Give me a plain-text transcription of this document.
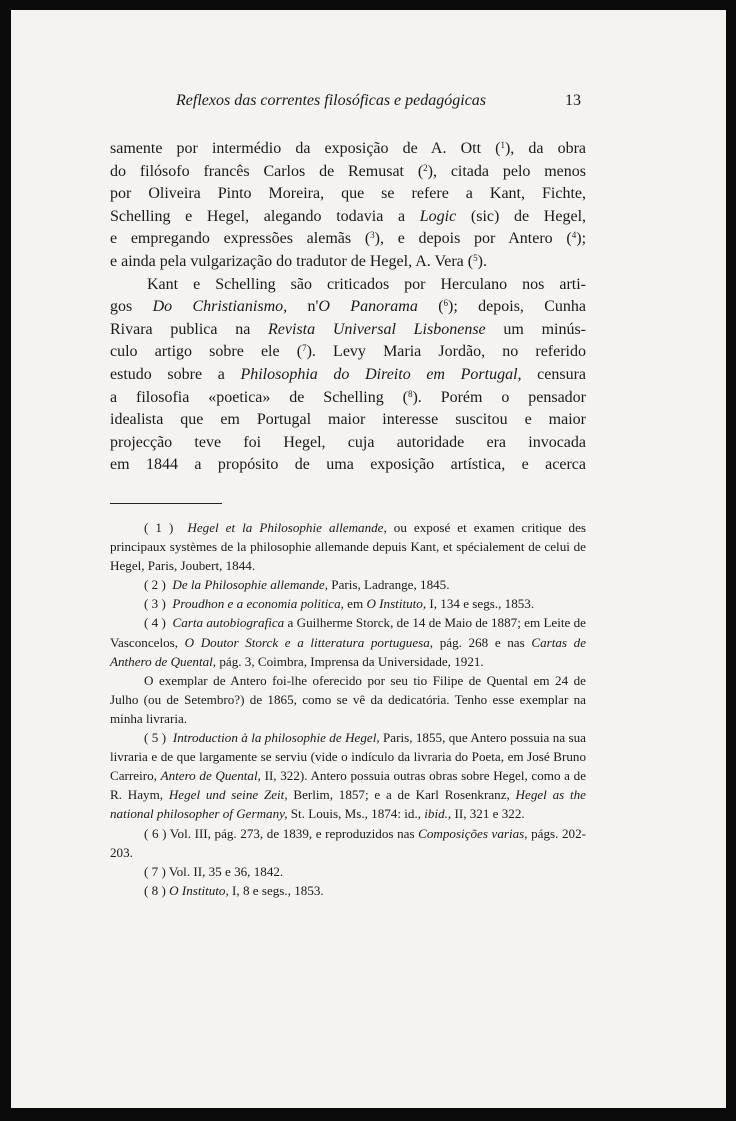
Reflexos das correntes filosóficas e pedagógicas	13

samente por intermédio da exposição de A. Ott ($^1$), da obra

do filósofo francês Carlos de Remusat ($^2$), citada pelo menos

por Oliveira Pinto Moreira, que se refere a Kant, Fichte,

Schelling e Hegel, alegando todavia a Logic (sic) de Hegel,

e empregando expressões alemãs ($^3$), e depois por Antero ($^4$);

e ainda pela vulgarização do tradutor de Hegel, A. Vera ($^5$).

Kant e Schelling são criticados por Herculano nos arti-

gos Do Christianismo, n'O Panorama ($^6$); depois, Cunha

Rivara publica na Revista Universal Lisbonense um minús-

culo artigo sobre ele ($^7$). Levy Maria Jordão, no referido

estudo sobre a Philosophia do Direito em Portugal, censura

a filosofia «poetica» de Schelling ($^8$). Porém o pensador

idealista que em Portugal maior interesse suscitou e maior

projecção teve foi Hegel, cuja autoridade era invocada

em 1844 a propósito de uma exposição artística, e acerca

( 1 ) Hegel et la Philosophie allemande, ou exposé et examen critique des principaux systèmes de la philosophie allemande depuis Kant, et spécialement de celui de Hegel, Paris, Joubert, 1844.

( 2 ) De la Philosophie allemande, Paris, Ladrange, 1845.

( 3 ) Proudhon e a economia politica, em O Instituto, I, 134 e segs., 1853.

( 4 ) Carta autobiografica a Guilherme Storck, de 14 de Maio de 1887; em Leite de Vasconcelos, O Doutor Storck e a litteratura portuguesa, pág. 268 e nas Cartas de Anthero de Quental, pág. 3, Coimbra, Imprensa da Universidade, 1921.

O exemplar de Antero foi-lhe oferecido por seu tio Filipe de Quental em 24 de Julho (ou de Setembro?) de 1865, como se vê da dedicatória. Tenho esse exemplar na minha livraria.

( 5 ) Introduction à la philosophie de Hegel, Paris, 1855, que Antero possuia na sua livraria e de que largamente se serviu (vide o indículo da livraria do Poeta, em José Bruno Carreiro, Antero de Quental, II, 322). Antero possuia outras obras sobre Hegel, como a de R. Haym, Hegel und seine Zeit, Berlim, 1857; e a de Karl Rosenkranz, Hegel as the national philosopher of Germany, St. Louis, Ms., 1874: id., ibid., II, 321 e 322.

( 6 ) Vol. III, pág. 273, de 1839, e reproduzidos nas Composições varias, págs. 202-203.

( 7 ) Vol. II, 35 e 36, 1842.

( 8 ) O Instituto, I, 8 e segs., 1853.
